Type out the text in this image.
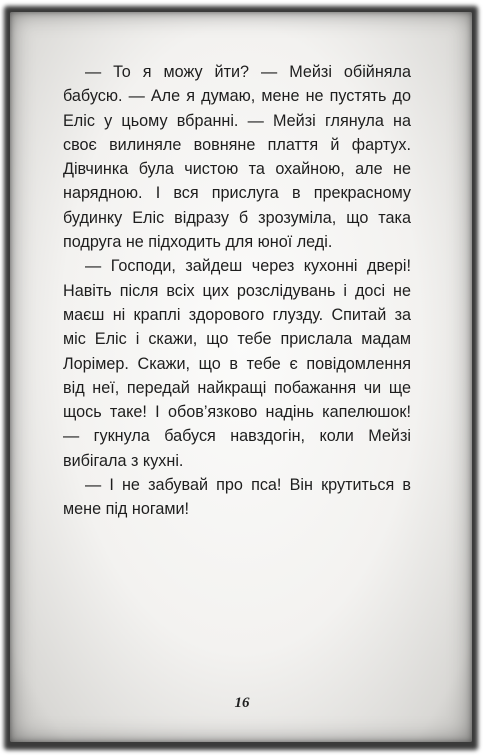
— То я можу йти? — Мейзі обійняла бабусю. — Але я думаю, мене не пустять до Еліс у цьому вбранні. — Мейзі глянула на своє вилиняле вовняне плаття й фартух. Дівчинка була чистою та охайною, але не нарядною. І вся прислуга в прекрасному будинку Еліс відразу б зрозуміла, що така подруга не підходить для юної леді.

— Господи, зайдеш через кухонні двері! Навіть після всіх цих розслідувань і досі не маєш ні краплі здорового глузду. Спитай за міс Еліс і скажи, що тебе прислала мадам Лорімер. Скажи, що в тебе є повідомлення від неї, передай найкращі побажання чи ще щось таке! І обов’язково надінь капелюшок! — гукнула бабуся навздогін, коли Мейзі вибігала з кухні.

— І не забувай про пса! Він крутиться в мене під ногами!

16
